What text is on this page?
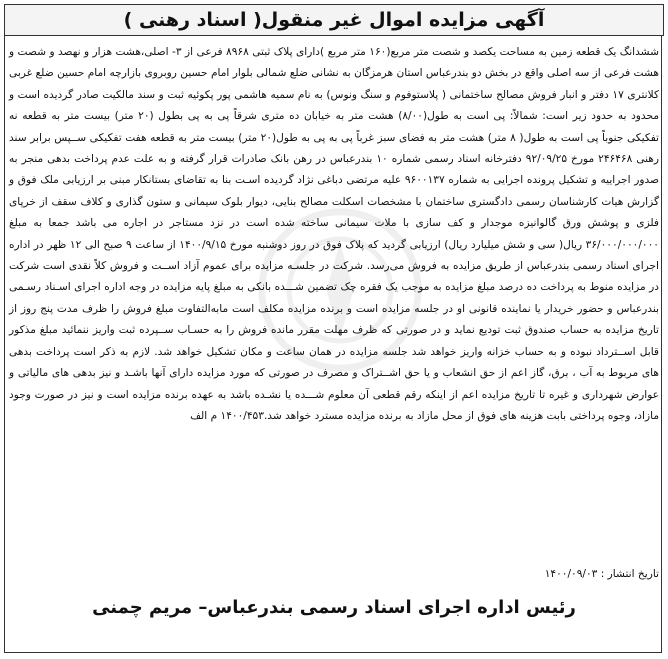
آگهی مزایده اموال غیر منقول( اسناد رهنی )
ششدانگ یک قطعه زمین به مساحت یکصد و شصت متر مربع(۱۶۰ متر مربع )دارای پلاک ثبتی ۸۹۶۸ فرعی از ۳- اصلی،هشت هزار و نهصد و شصت و هشت فرعی از سه اصلی واقع در بخش دو بندرعباس استان هرمزگان به نشانی ضلع شمالی بلوار امام حسین روبروی بازارچه امام حسین ضلع غربی کلانتری ۱۷ دفتر و انبار فروش مصالح ساختمانی ( پلاستوفوم و سنگ ونوس) به نام سمیه هاشمی پور پکوئیه ثبت و سند مالکیت صادر گردیده است و محدود به حدود زیر است: شمالاً: پی است به طول(۸/۰۰) هشت متر به خیابان ده متری شرقاً پی به پی بطول (۲۰ متر) بیست متر به قطعه نه تفکیکی جنوباً پی است به طول( ۸ متر) هشت متر به فضای سبز غرباً پی به پی به طول(۲۰ متر) بیست متر به قطعه هفت تفکیکی ســپس برابر سند رهنی ۲۴۶۴۶۸ مورخ ۹۲/۰۹/۲۵ دفترخانه اسناد رسمی شماره ۱۰ بندرعباس در رهن بانک صادرات قرار گرفته و به علت عدم پرداخت بدهی منجر به صدور اجراییه و تشکیل پرونده اجرایی به شماره ۹۶۰۰۱۳۷ علیه مرتضی دباغی نژاد گردیده اسـت بنا به تقاضای بستانکار مبنی بر ارزیابی ملک فوق و گزارش هیات کارشناسان رسمی دادگستری ساختمان با مشخصات اسکلت مصالح بنایی، دیوار بلوک سیمانی و ستون گذاری و کلاف سقف از خرپای فلزی و پوشش ورق گالوانیزه موجدار و کف سازی با ملات سیمانی ساخته شده است در نزد مستاجر در اجاره می باشد جمعا به مبلغ ۳۶/۰۰۰/۰۰۰/۰۰۰ ریال( سی و شش میلیارد ریال) ارزیابی گردید که پلاک فوق در روز دوشنبه مورخ ۱۴۰۰/۹/۱۵ از ساعت ۹ صبح الی ۱۲ ظهر در اداره اجرای اسناد رسمی بندرعباس از طریق مزایده به فروش می‌رسد. شرکت در جلسـه مزایده برای عموم آزاد اســت و فروش کلاً نقدی است شرکت در مزایده منوط به پرداخت ده درصد مبلغ مزایده به موجب یک فقره چک تضمین شـــده بانکی به مبلغ پایه مزایده در وجه اداره اجرای اسـناد رسـمی بندرعباس و حضور خریدار یا نماینده قانونی او در جلسه مزایده است و برنده مزایده مکلف است مابه‌التفاوت مبلغ فروش را ظرف مدت پنج روز از تاریخ مزایده به حساب صندوق ثبت تودیع نماید و در صورتی که ظرف مهلت مقرر مانده فروش را به حسـاب ســپرده ثبت واریز ننمائید مبلغ مذکور قابل اســترداد نبوده و به حساب خزانه واریز خواهد شد جلسه مزایده در همان ساعت و مکان تشکیل خواهد شد. لازم به ذکر است پرداخت بدهی های مربوط به آب ، برق، گاز اعم از حق انشعاب و یا حق اشــتراک و مصرف در صورتی که مورد مزایده دارای آنها باشـد و نیز بدهی های مالیاتی و عوارض شهرداری و غیره تا تاریخ مزایده اعم از اینکه رقم قطعی آن معلوم شـــده یا نشـده باشد به عهده برنده مزایده است و نیز در صورت وجود مازاد، وجوه پرداختی بابت هزینه های فوق از محل مازاد به برنده مزایده مسترد خواهد شد.۱۴۰۰/۴۵۳ م الف
تاریخ انتشار : ۱۴۰۰/۰۹/۰۳
رئیس اداره اجرای اسناد رسمی بندرعباس– مریم چمنی
